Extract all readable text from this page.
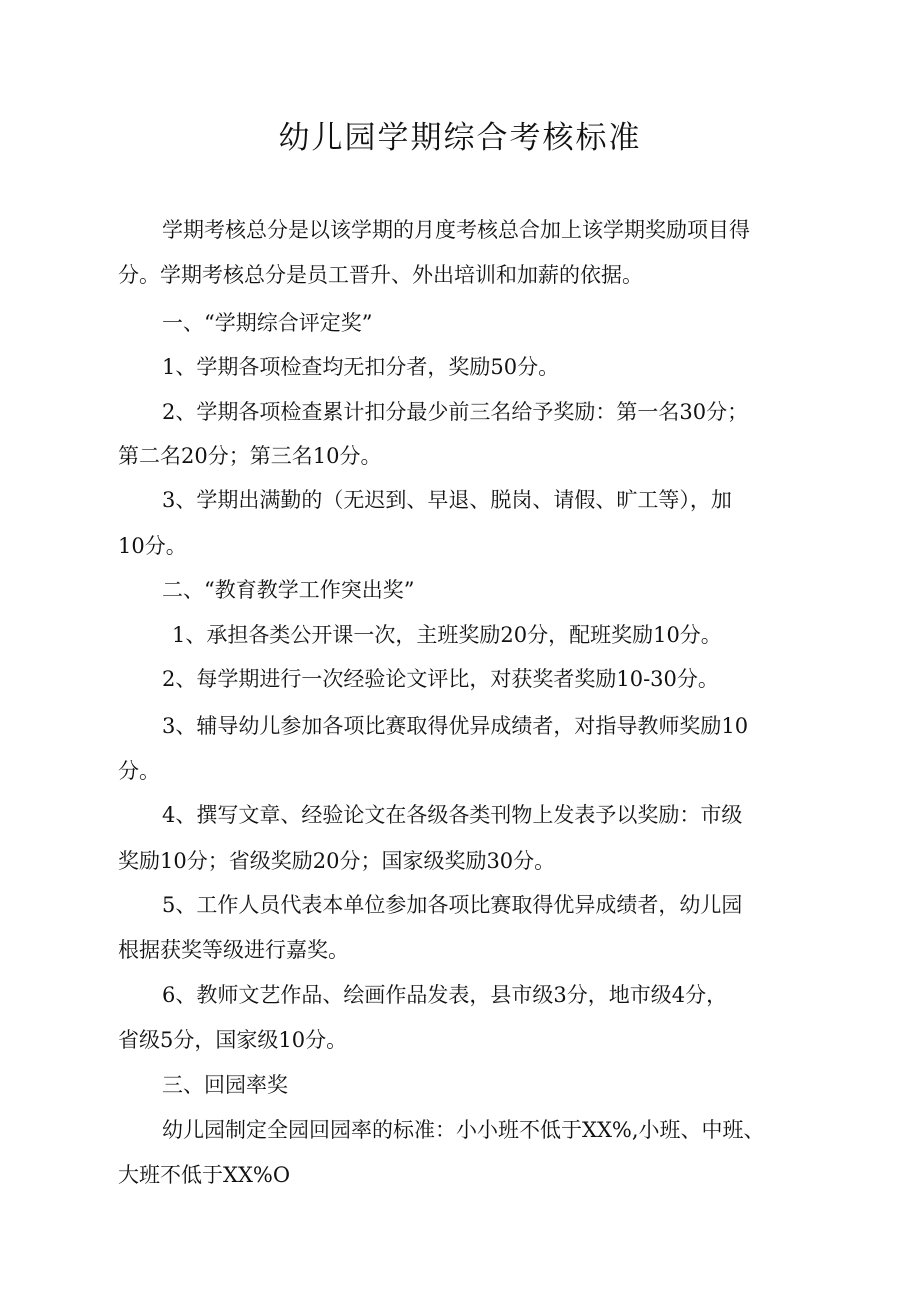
幼儿园学期综合考核标准

学期考核总分是以该学期的月度考核总合加上该学期奖励项目得

分。学期考核总分是员工晋升、外出培训和加薪的依据。

一、“学期综合评定奖”

1、学期各项检查均无扣分者，奖励50分。

2、学期各项检查累计扣分最少前三名给予奖励：第一名30分；

第二名20分；第三名10分。

3、学期出满勤的（无迟到、早退、脱岗、请假、旷工等），加

10分。

二、“教育教学工作突出奖”

1、承担各类公开课一次，主班奖励20分，配班奖励10分。

2、每学期进行一次经验论文评比，对获奖者奖励10-30分。

3、辅导幼儿参加各项比赛取得优异成绩者，对指导教师奖励10

分。

4、撰写文章、经验论文在各级各类刊物上发表予以奖励：市级

奖励10分；省级奖励20分；国家级奖励30分。

5、工作人员代表本单位参加各项比赛取得优异成绩者，幼儿园

根据获奖等级进行嘉奖。

6、教师文艺作品、绘画作品发表，县市级3分，地市级4分，

省级5分，国家级10分。

三、回园率奖

幼儿园制定全园回园率的标准：小小班不低于XX%,小班、中班、

大班不低于XX%O
